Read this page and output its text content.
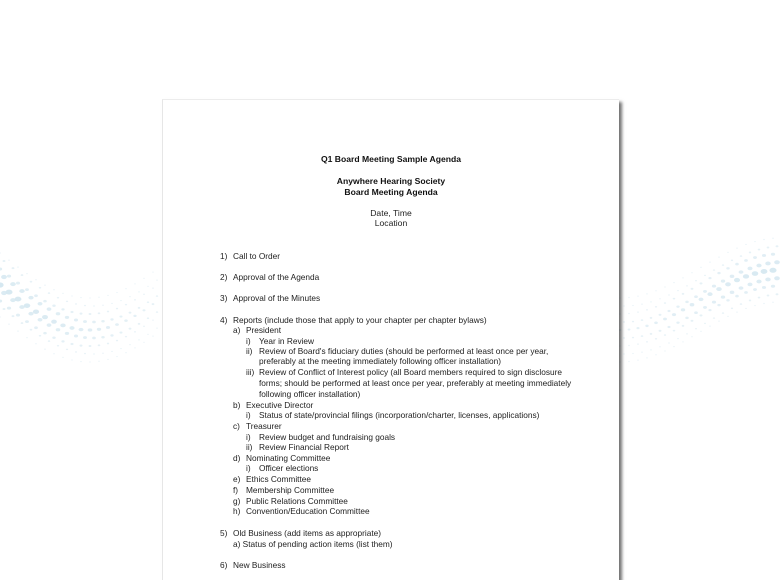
Q1 Board Meeting Sample Agenda
Anywhere Hearing Society
Board Meeting Agenda
Date, Time
Location
1) Call to Order
2) Approval of the Agenda
3) Approval of the Minutes
4) Reports (include those that apply to your chapter per chapter bylaws)
a) President
i) Year in Review
ii) Review of Board's fiduciary duties (should be performed at least once per year,
preferably at the meeting immediately following officer installation)
iii) Review of Conflict of Interest policy (all Board members required to sign disclosure
forms; should be performed at least once per year, preferably at meeting immediately
following officer installation)
b) Executive Director
i) Status of state/provincial filings (incorporation/charter, licenses, applications)
c) Treasurer
i) Review budget and fundraising goals
ii) Review Financial Report
d) Nominating Committee
i) Officer elections
e) Ethics Committee
f) Membership Committee
g) Public Relations Committee
h) Convention/Education Committee
5) Old Business (add items as appropriate)
a) Status of pending action items (list them)
6) New Business
